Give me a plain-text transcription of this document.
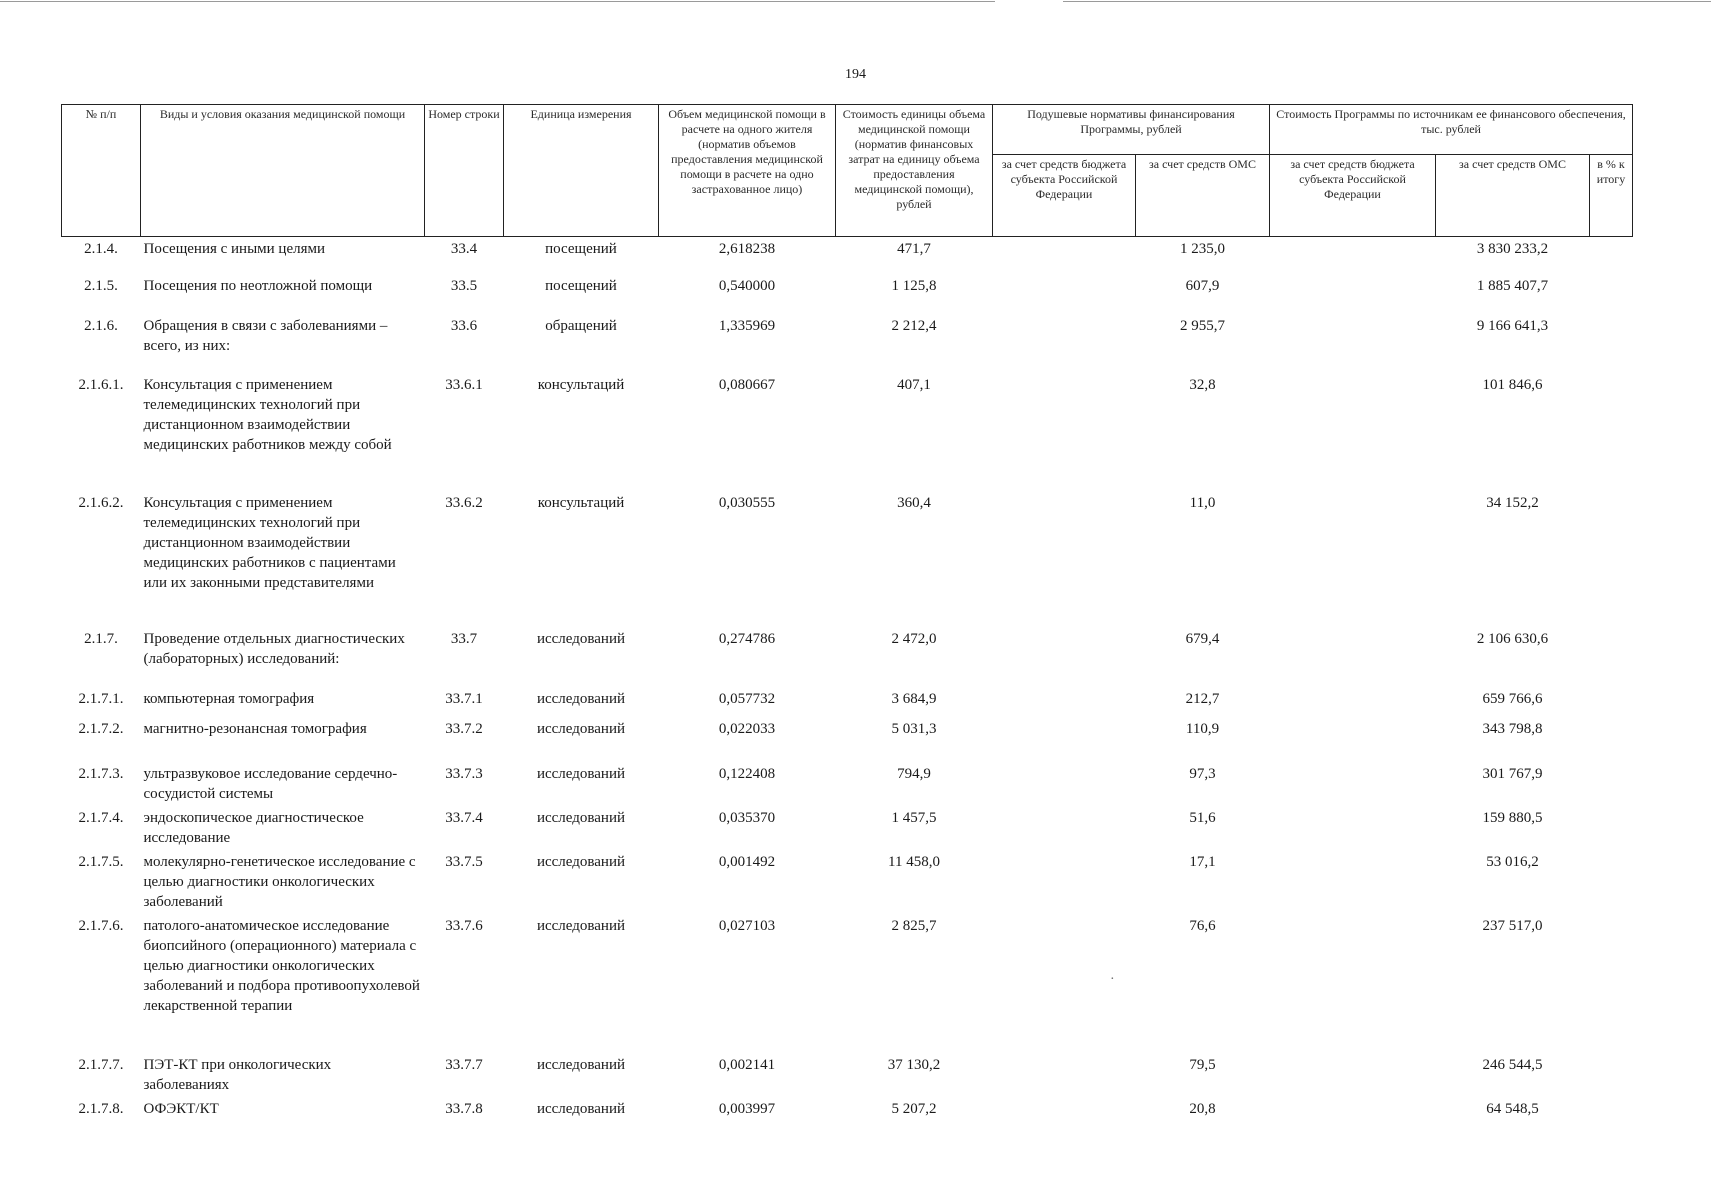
194
№ п/п	Виды и условия оказания медицинской помощи	Номер строки	Единица измерения	Объем медицинской помощи в расчете на одного жителя (норматив объемов предоставления медицинской помощи в расчете на одно застрахованное лицо)	Стоимость единицы объема медицинской помощи (норматив финансовых затрат на единицу объема предоставления медицинской помощи), рублей	Подушевые нормативы финансирования Программы, рублей		Стоимость Программы по источникам ее финансового обеспечения, тыс. рублей		
						за счет средств бюджета субъекта Российской Федерации	за счет средств ОМС	за счет средств бюджета субъекта Российской Федерации	за счет средств ОМС	в % к итогу
2.1.4.	Посещения с иными целями	33.4	посещений	2,618238	471,7		1 235,0		3 830 233,2	
2.1.5.	Посещения по неотложной помощи	33.5	посещений	0,540000	1 125,8		607,9		1 885 407,7	
2.1.6.	Обращения в связи с заболеваниями – всего, из них:	33.6	обращений	1,335969	2 212,4		2 955,7		9 166 641,3	
2.1.6.1.	Консультация с применением телемедицинских технологий при дистанционном взаимодействии медицинских работников между собой	33.6.1	консультаций	0,080667	407,1		32,8		101 846,6	
2.1.6.2.	Консультация с применением телемедицинских технологий при дистанционном взаимодействии медицинских работников с пациентами или их законными представителями	33.6.2	консультаций	0,030555	360,4		11,0		34 152,2	
2.1.7.	Проведение отдельных диагностических (лабораторных) исследований:	33.7	исследований	0,274786	2 472,0		679,4		2 106 630,6	
2.1.7.1.	компьютерная томография	33.7.1	исследований	0,057732	3 684,9		212,7		659 766,6	
2.1.7.2.	магнитно-резонансная томография	33.7.2	исследований	0,022033	5 031,3		110,9		343 798,8	
2.1.7.3.	ультразвуковое исследование сердечно-сосудистой системы	33.7.3	исследований	0,122408	794,9		97,3		301 767,9	
2.1.7.4.	эндоскопическое диагностическое исследование	33.7.4	исследований	0,035370	1 457,5		51,6		159 880,5	
2.1.7.5.	молекулярно-генетическое исследование с целью диагностики онкологических заболеваний	33.7.5	исследований	0,001492	11 458,0		17,1		53 016,2	
2.1.7.6.	патолого-анатомическое исследование биопсийного (операционного) материала с целью диагностики онкологических заболеваний и подбора противоопухолевой лекарственной терапии	33.7.6	исследований	0,027103	2 825,7		76,6		237 517,0	
2.1.7.7.	ПЭТ-КТ при онкологических заболеваниях	33.7.7	исследований	0,002141	37 130,2		79,5		246 544,5	
2.1.7.8.	ОФЭКТ/КТ	33.7.8	исследований	0,003997	5 207,2		20,8		64 548,5	
·
